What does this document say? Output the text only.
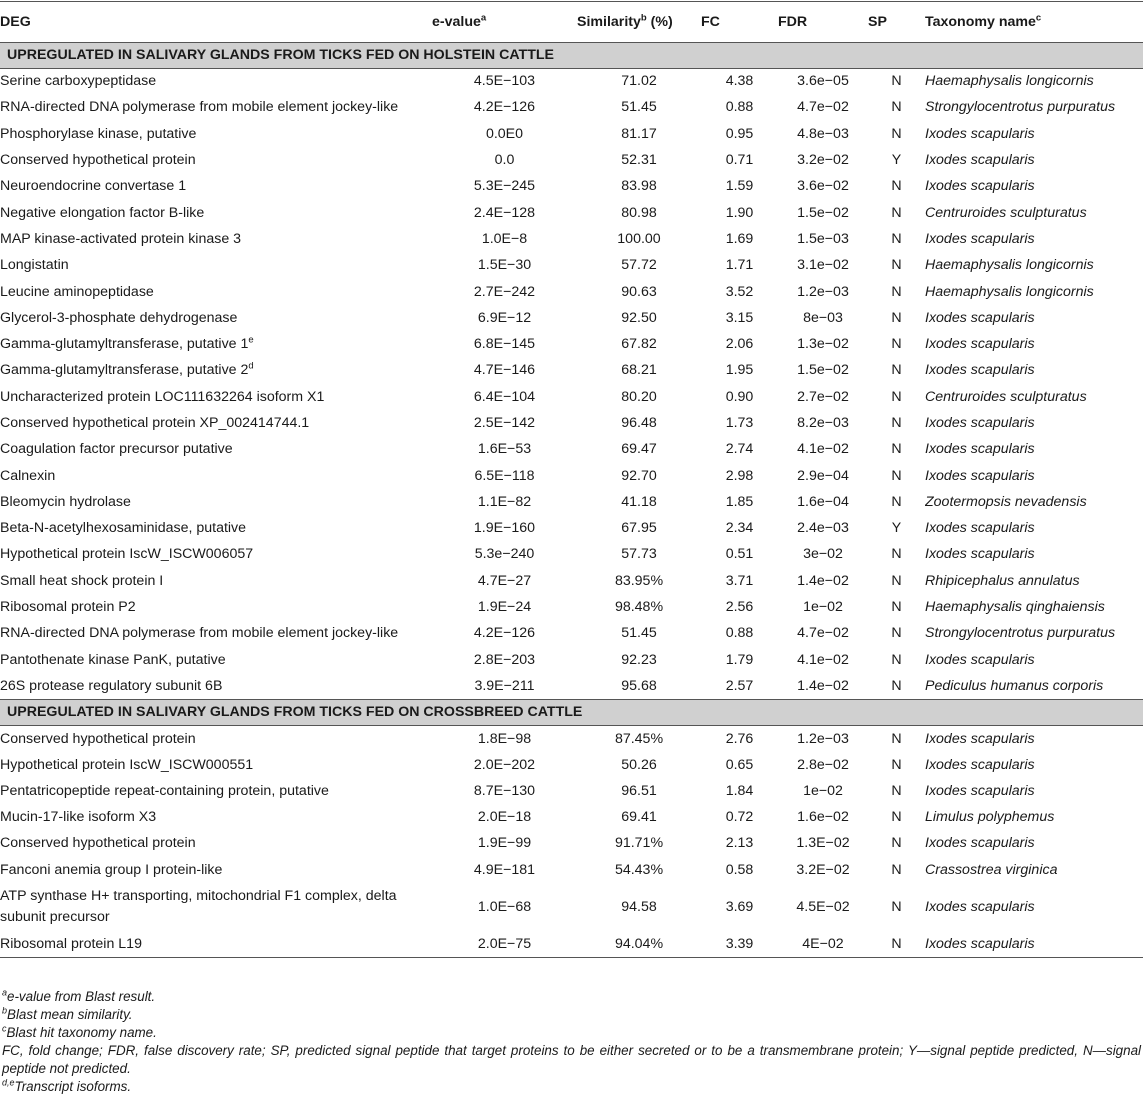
DEG	e-value$^a$	Similarity$^b$ (%)	FC	FDR	SP	Taxonomy name$^c$
UPREGULATED IN SALIVARY GLANDS FROM TICKS FED ON HOLSTEIN CATTLE						
Serine carboxypeptidase	4.5E−103	71.02	4.38	3.6e−05	N	Haemaphysalis longicornis
RNA-directed DNA polymerase from mobile element jockey-like	4.2E−126	51.45	0.88	4.7e−02	N	Strongylocentrotus purpuratus
Phosphorylase kinase, putative	0.0E0	81.17	0.95	4.8e−03	N	Ixodes scapularis
Conserved hypothetical protein	0.0	52.31	0.71	3.2e−02	Y	Ixodes scapularis
Neuroendocrine convertase 1	5.3E−245	83.98	1.59	3.6e−02	N	Ixodes scapularis
Negative elongation factor B-like	2.4E−128	80.98	1.90	1.5e−02	N	Centruroides sculpturatus
MAP kinase-activated protein kinase 3	1.0E−8	100.00	1.69	1.5e−03	N	Ixodes scapularis
Longistatin	1.5E−30	57.72	1.71	3.1e−02	N	Haemaphysalis longicornis
Leucine aminopeptidase	2.7E−242	90.63	3.52	1.2e−03	N	Haemaphysalis longicornis
Glycerol-3-phosphate dehydrogenase	6.9E−12	92.50	3.15	8e−03	N	Ixodes scapularis
Gamma-glutamyltransferase, putative 1e	6.8E−145	67.82	2.06	1.3e−02	N	Ixodes scapularis
Gamma-glutamyltransferase, putative 2$^d$	4.7E−146	68.21	1.95	1.5e−02	N	Ixodes scapularis
Uncharacterized protein LOC111632264 isoform X1	6.4E−104	80.20	0.90	2.7e−02	N	Centruroides sculpturatus
Conserved hypothetical protein XP_002414744.1	2.5E−142	96.48	1.73	8.2e−03	N	Ixodes scapularis
Coagulation factor precursor putative	1.6E−53	69.47	2.74	4.1e−02	N	Ixodes scapularis
Calnexin	6.5E−118	92.70	2.98	2.9e−04	N	Ixodes scapularis
Bleomycin hydrolase	1.1E−82	41.18	1.85	1.6e−04	N	Zootermopsis nevadensis
Beta-N-acetylhexosaminidase, putative	1.9E−160	67.95	2.34	2.4e−03	Y	Ixodes scapularis
Hypothetical protein IscW_ISCW006057	5.3e−240	57.73	0.51	3e−02	N	Ixodes scapularis
Small heat shock protein I	4.7E−27	83.95%	3.71	1.4e−02	N	Rhipicephalus annulatus
Ribosomal protein P2	1.9E−24	98.48%	2.56	1e−02	N	Haemaphysalis qinghaiensis
RNA-directed DNA polymerase from mobile element jockey-like	4.2E−126	51.45	0.88	4.7e−02	N	Strongylocentrotus purpuratus
Pantothenate kinase PanK, putative	2.8E−203	92.23	1.79	4.1e−02	N	Ixodes scapularis
26S protease regulatory subunit 6B	3.9E−211	95.68	2.57	1.4e−02	N	Pediculus humanus corporis
UPREGULATED IN SALIVARY GLANDS FROM TICKS FED ON CROSSBREED CATTLE						
Conserved hypothetical protein	1.8E−98	87.45%	2.76	1.2e−03	N	Ixodes scapularis
Hypothetical protein IscW_ISCW000551	2.0E−202	50.26	0.65	2.8e−02	N	Ixodes scapularis
Pentatricopeptide repeat-containing protein, putative	8.7E−130	96.51	1.84	1e−02	N	Ixodes scapularis
Mucin-17-like isoform X3	2.0E−18	69.41	0.72	1.6e−02	N	Limulus polyphemus
Conserved hypothetical protein	1.9E−99	91.71%	2.13	1.3E−02	N	Ixodes scapularis
Fanconi anemia group I protein-like	4.9E−181	54.43%	0.58	3.2E−02	N	Crassostrea virginica
ATP synthase H+ transporting, mitochondrial F1 complex, delta subunit precursor	1.0E−68	94.58	3.69	4.5E−02	N	Ixodes scapularis
Ribosomal protein L19	2.0E−75	94.04%	3.39	4E−02	N	Ixodes scapularis
$^a$e-value from Blast result.
$^b$Blast mean similarity.
$^c$Blast hit taxonomy name.
FC, fold change; FDR, false discovery rate; SP, predicted signal peptide that target proteins to be either secreted or to be a transmembrane protein; Y—signal peptide predicted, N—signal peptide not predicted.
$^{d,e}$Transcript isoforms.
